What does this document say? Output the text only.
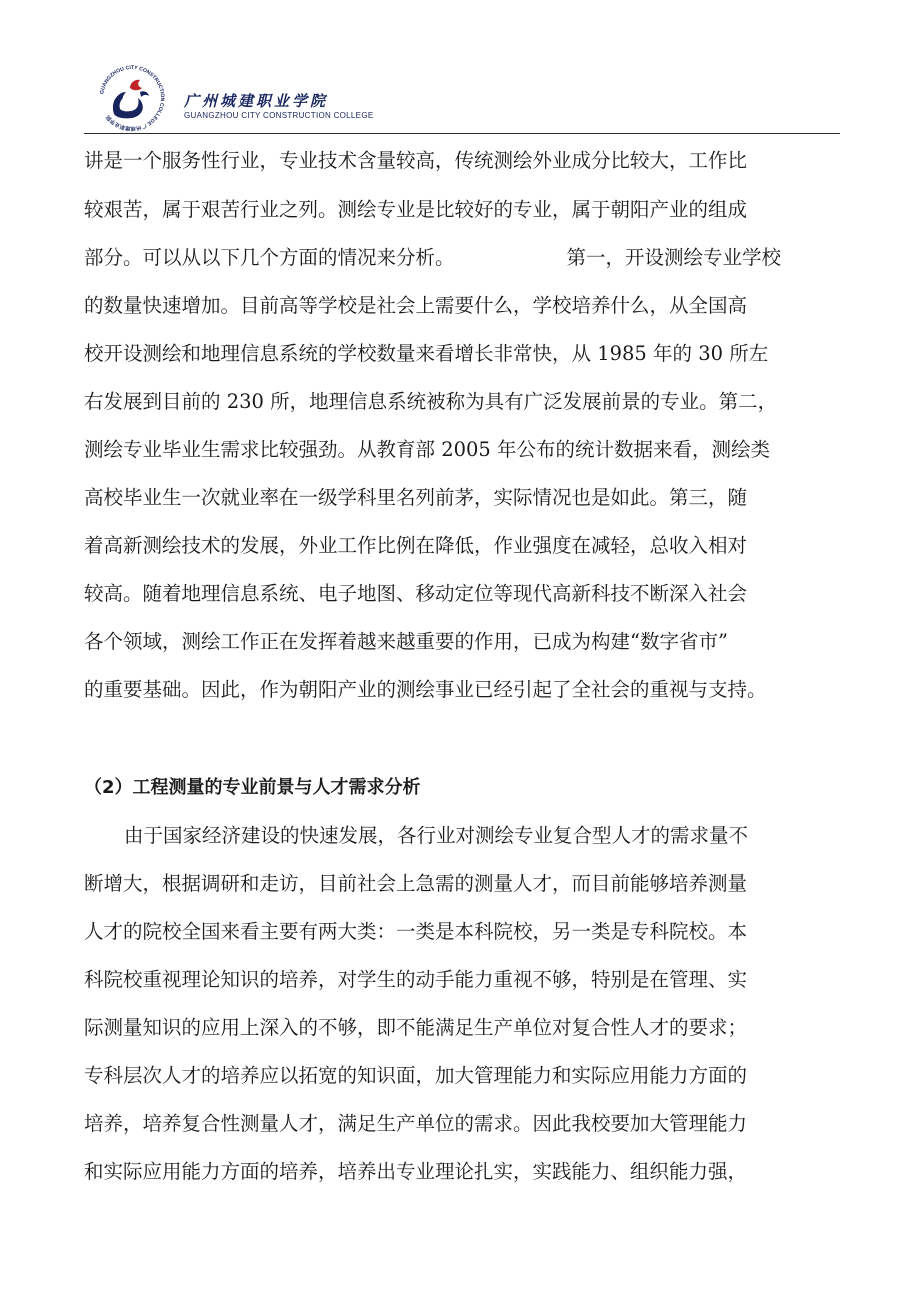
GUANGZHOU CITY CONSTRUCTION COLLEGE 广州城建职业学院
广州城建职业学院
GUANGZHOU CITY CONSTRUCTION COLLEGE
讲是一个服务性行业，专业技术含量较高，传统测绘外业成分比较大，工作比
较艰苦，属于艰苦行业之列。测绘专业是比较好的专业，属于朝阳产业的组成
部分。可以从以下几个方面的情况来分析。	第一，开设测绘专业学校
的数量快速增加。目前高等学校是社会上需要什么，学校培养什么，从全国高
校开设测绘和地理信息系统的学校数量来看增长非常快，从 1985 年的 30 所左
右发展到目前的 230 所，地理信息系统被称为具有广泛发展前景的专业。第二，
测绘专业毕业生需求比较强劲。从教育部 2005 年公布的统计数据来看，测绘类
高校毕业生一次就业率在一级学科里名列前茅，实际情况也是如此。第三，随
着高新测绘技术的发展，外业工作比例在降低，作业强度在减轻，总收入相对
较高。随着地理信息系统、电子地图、移动定位等现代高新科技不断深入社会
各个领域，测绘工作正在发挥着越来越重要的作用，已成为构建“数字省市”
的重要基础。因此，作为朝阳产业的测绘事业已经引起了全社会的重视与支持。
（2）工程测量的专业前景与人才需求分析
由于国家经济建设的快速发展，各行业对测绘专业复合型人才的需求量不
断增大，根据调研和走访，目前社会上急需的测量人才，而目前能够培养测量
人才的院校全国来看主要有两大类：一类是本科院校，另一类是专科院校。本
科院校重视理论知识的培养，对学生的动手能力重视不够，特别是在管理、实
际测量知识的应用上深入的不够，即不能满足生产单位对复合性人才的要求；
专科层次人才的培养应以拓宽的知识面，加大管理能力和实际应用能力方面的
培养，培养复合性测量人才，满足生产单位的需求。因此我校要加大管理能力
和实际应用能力方面的培养，培养出专业理论扎实，实践能力、组织能力强，
